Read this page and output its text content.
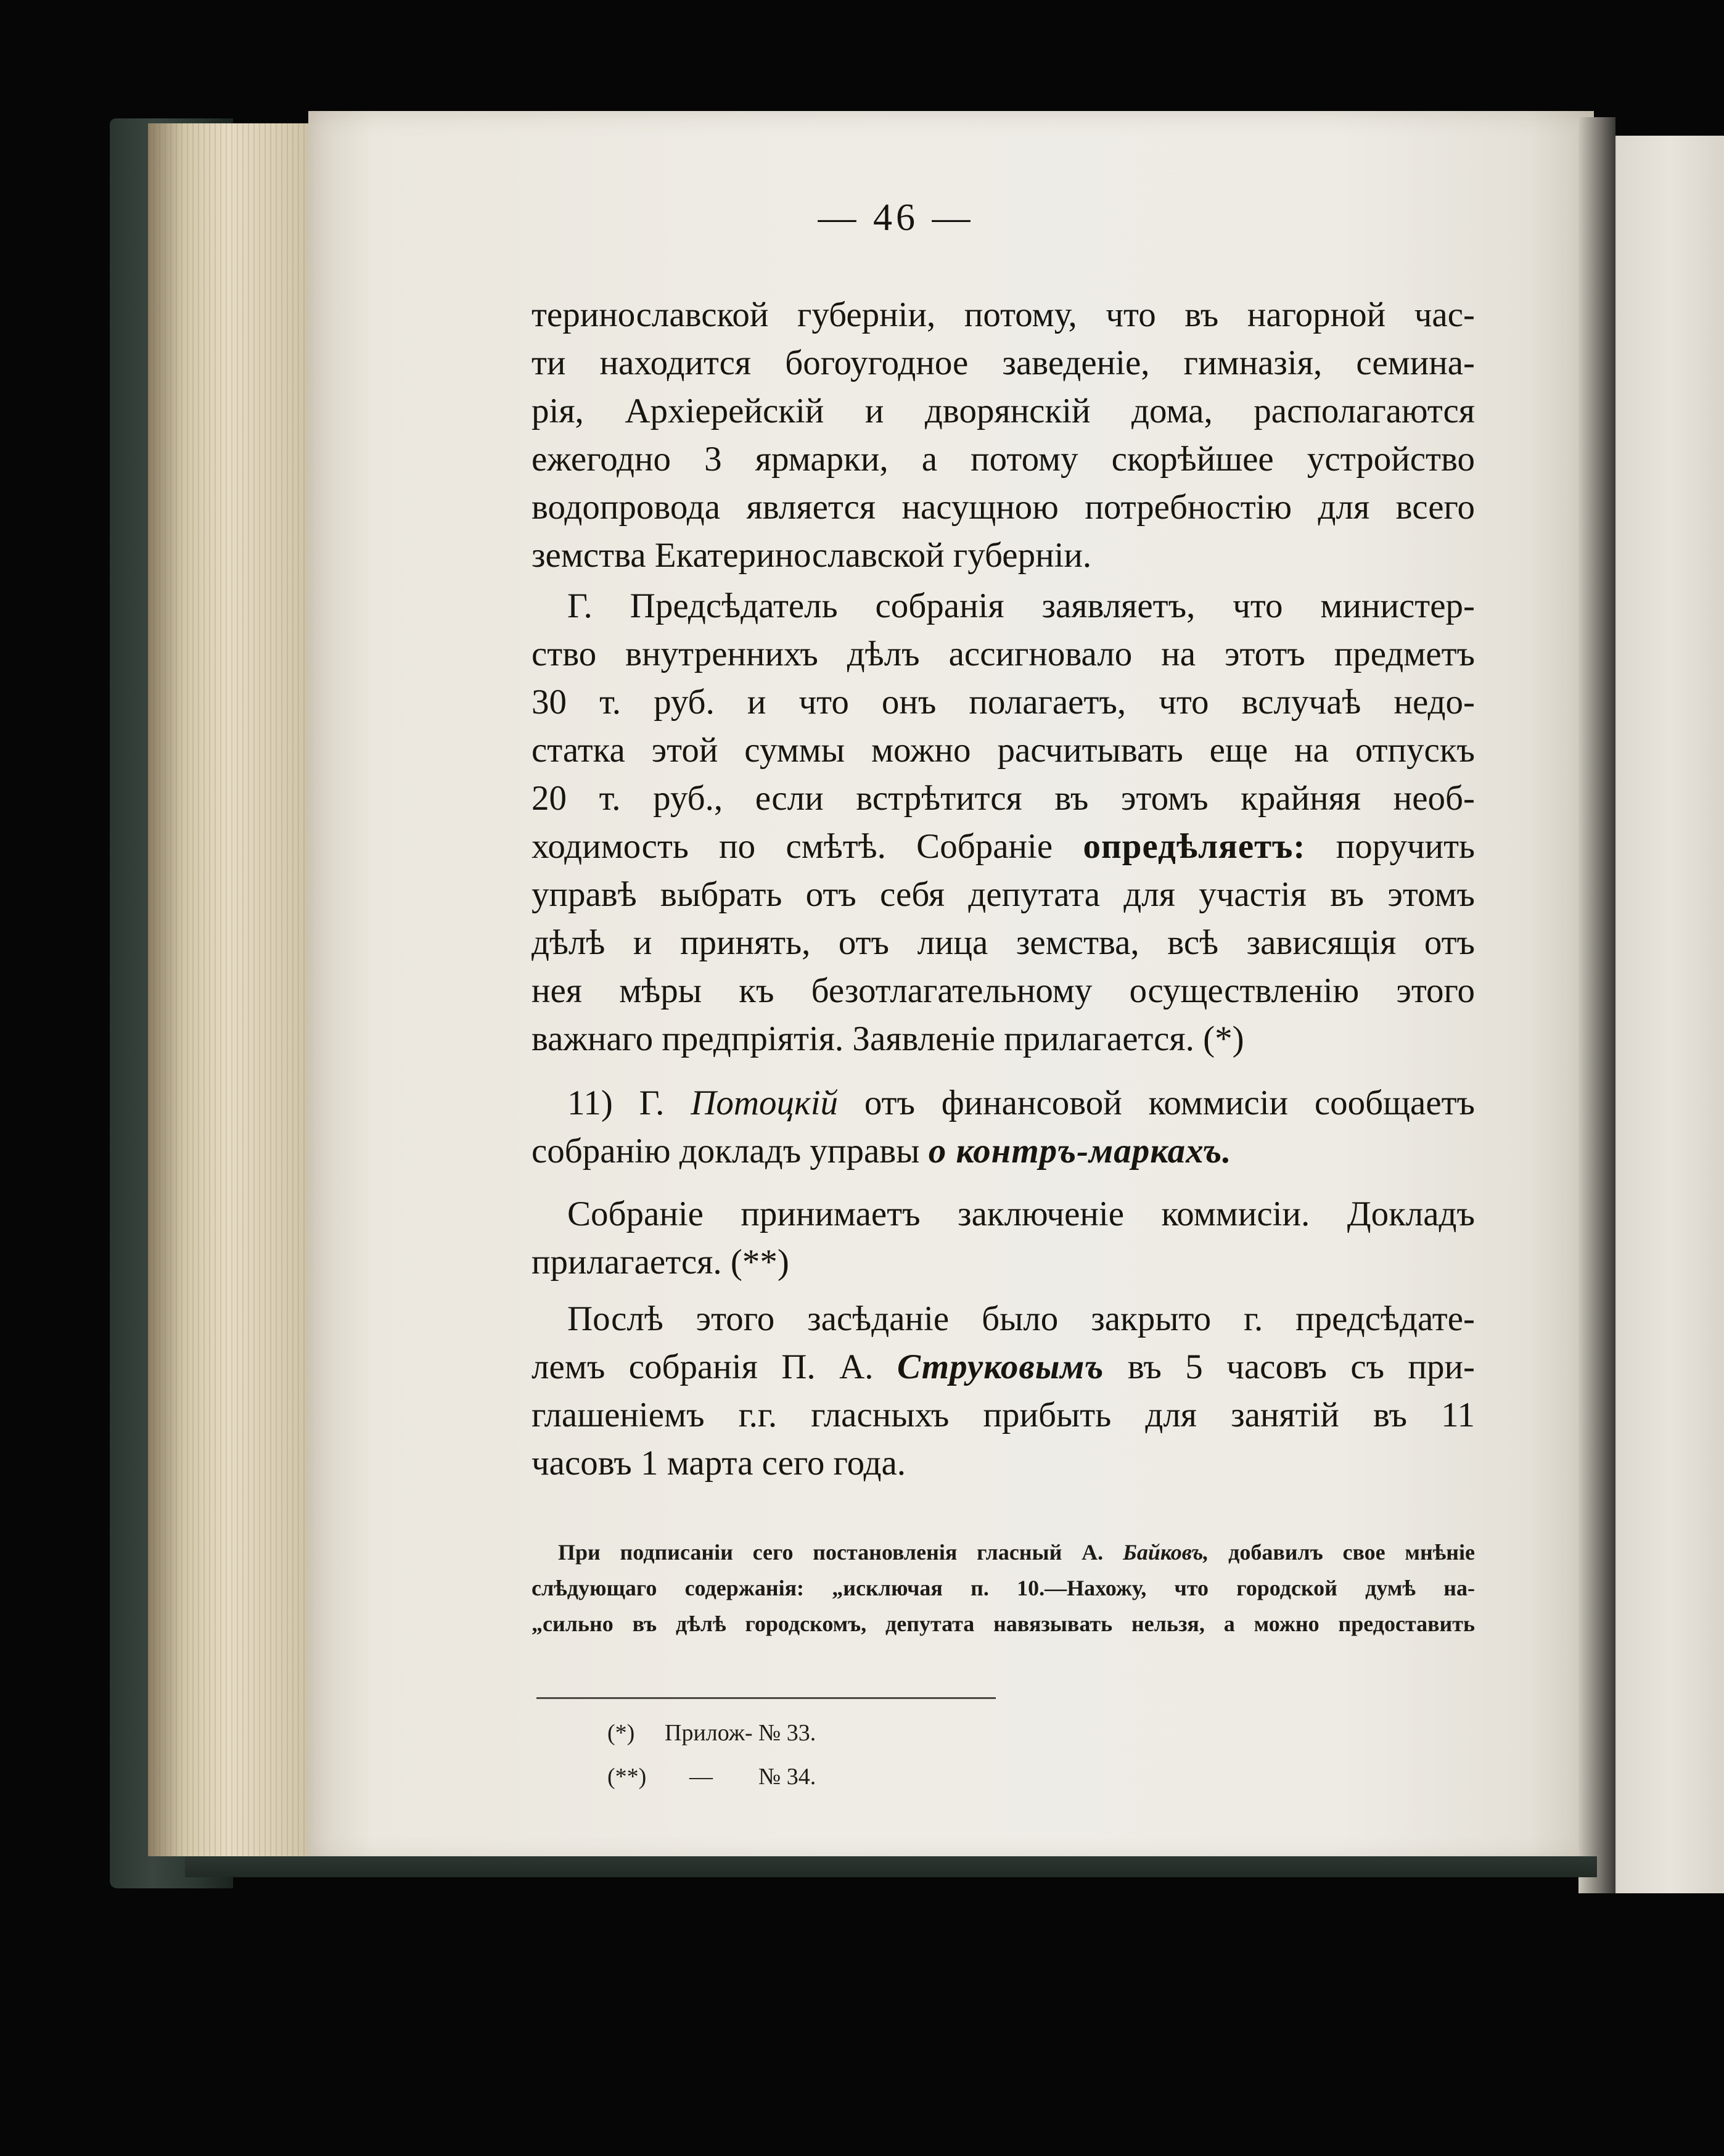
— 46 —
теринославской губерніи, потому, что въ нагорной час-
ти находится богоугодное заведеніе, гимназія, семина-
рія, Архіерейскій и дворянскій дома, располагаются
ежегодно 3 ярмарки, а потому скорѣйшее устройство
водопровода является насущною потребностію для всего
земства Екатеринославской губерніи.
Г. Предсѣдатель собранія заявляетъ, что министер-
ство внутреннихъ дѣлъ ассигновало на этотъ предметъ
30 т. руб. и что онъ полагаетъ, что вслучаѣ недо-
статка этой суммы можно расчитывать еще на отпускъ
20 т. руб., если встрѣтится въ этомъ крайняя необ-
ходимость по смѣтѣ. Собраніе опредѣляетъ: поручить
управѣ выбрать отъ себя депутата для участія въ этомъ
дѣлѣ и принять, отъ лица земства, всѣ зависящія отъ
нея мѣры къ безотлагательному осуществленію этого
важнаго предпріятія. Заявленіе прилагается. (*)
11) Г. Потоцкій отъ финансовой коммисіи сообщаетъ
собранію докладъ управы о контръ-маркахъ.
Собраніе принимаетъ заключеніе коммисіи. Докладъ
прилагается. (**)
Послѣ этого засѣданіе было закрыто г. предсѣдате-
лемъ собранія П. А. Струковымъ въ 5 часовъ съ при-
глашеніемъ г.г. гласныхъ прибыть для занятій въ 11
часовъ 1 марта сего года.
При подписаніи сего постановленія гласный А. Байковъ, добавилъ свое мнѣніе
слѣдующаго содержанія: „исключая п. 10.—Нахожу, что городской думѣ на-
„сильно въ дѣлѣ городскомъ, депутата навязывать нельзя, а можно предоставить
(*) Прилож- № 33.
(**) — № 34.
